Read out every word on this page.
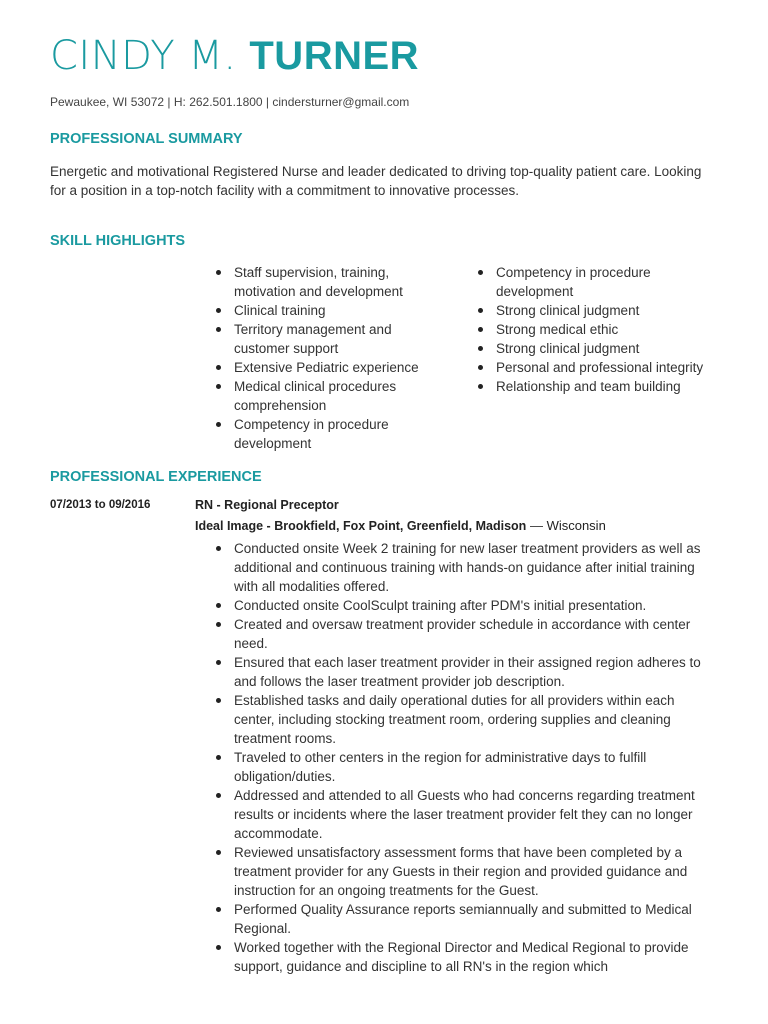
CINDY M. TURNER
Pewaukee, WI 53072 | H: 262.501.1800 | cindersturner@gmail.com
PROFESSIONAL SUMMARY
Energetic and motivational Registered Nurse and leader dedicated to driving top-quality patient care. Looking for a position in a top-notch facility with a commitment to innovative processes.
SKILL HIGHLIGHTS
Staff supervision, training, motivation and development
Clinical training
Territory management and customer support
Extensive Pediatric experience
Medical clinical procedures comprehension
Competency in procedure development
Competency in procedure development
Strong clinical judgment
Strong medical ethic
Strong clinical judgment
Personal and professional integrity
Relationship and team building
PROFESSIONAL EXPERIENCE
07/2013 to 09/2016	RN - Regional Preceptor
Ideal Image - Brookfield, Fox Point, Greenfield, Madison — Wisconsin
Conducted onsite Week 2 training for new laser treatment providers as well as additional and continuous training with hands-on guidance after initial training with all modalities offered.
Conducted onsite CoolSculpt training after PDM's initial presentation.
Created and oversaw treatment provider schedule in accordance with center need.
Ensured that each laser treatment provider in their assigned region adheres to and follows the laser treatment provider job description.
Established tasks and daily operational duties for all providers within each center, including stocking treatment room, ordering supplies and cleaning treatment rooms.
Traveled to other centers in the region for administrative days to fulfill obligation/duties.
Addressed and attended to all Guests who had concerns regarding treatment results or incidents where the laser treatment provider felt they can no longer accommodate.
Reviewed unsatisfactory assessment forms that have been completed by a treatment provider for any Guests in their region and provided guidance and instruction for an ongoing treatments for the Guest.
Performed Quality Assurance reports semiannually and submitted to Medical Regional.
Worked together with the Regional Director and Medical Regional to provide support, guidance and discipline to all RN's in the region which
